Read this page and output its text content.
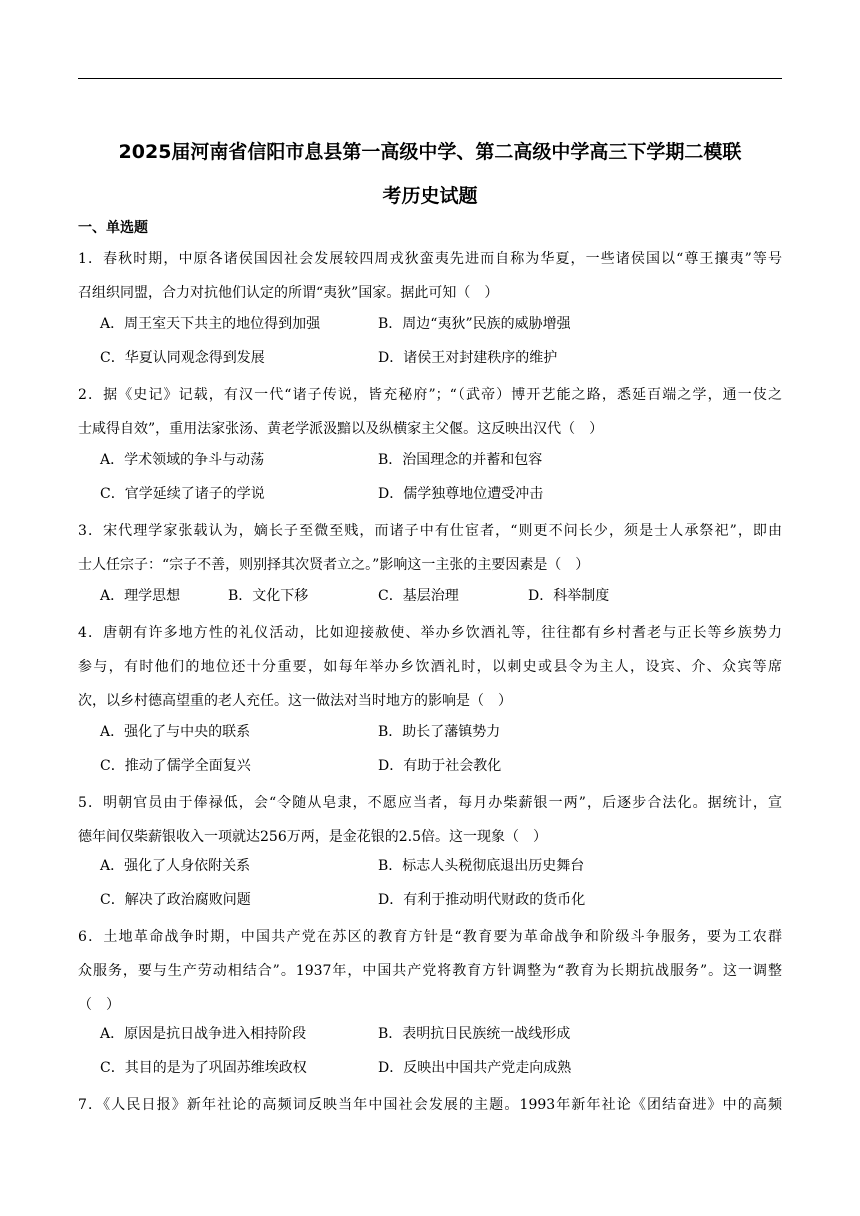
2025届河南省信阳市息县第一高级中学、第二高级中学高三下学期二模联
考历史试题
一、单选题
1．春秋时期，中原各诸侯国因社会发展较四周戎狄蛮夷先进而自称为华夏，一些诸侯国以“尊王攘夷”等号
召组织同盟，合力对抗他们认定的所谓“夷狄”国家。据此可知（　）
A．周王室天下共主的地位得到加强	B．周边“夷狄”民族的威胁增强
C．华夏认同观念得到发展	D．诸侯王对封建秩序的维护
2．据《史记》记载，有汉一代“诸子传说，皆充秘府”；“（武帝）博开艺能之路，悉延百端之学，通一伎之
士咸得自效”，重用法家张汤、黄老学派汲黯以及纵横家主父偃。这反映出汉代（　）
A．学术领域的争斗与动荡	B．治国理念的并蓄和包容
C．官学延续了诸子的学说	D．儒学独尊地位遭受冲击
3．宋代理学家张载认为，嫡长子至微至贱，而诸子中有仕宦者，“则更不问长少，须是士人承祭祀”，即由
士人任宗子：“宗子不善，则别择其次贤者立之。”影响这一主张的主要因素是（　）
A．理学思想	B．文化下移	C．基层治理	D．科举制度
4．唐朝有许多地方性的礼仪活动，比如迎接赦使、举办乡饮酒礼等，往往都有乡村耆老与正长等乡族势力
参与，有时他们的地位还十分重要，如每年举办乡饮酒礼时，以刺史或县令为主人，设宾、介、众宾等席
次，以乡村德高望重的老人充任。这一做法对当时地方的影响是（　）
A．强化了与中央的联系	B．助长了藩镇势力
C．推动了儒学全面复兴	D．有助于社会教化
5．明朝官员由于俸禄低，会“令随从皂隶，不愿应当者，每月办柴薪银一两”，后逐步合法化。据统计，宣
德年间仅柴薪银收入一项就达256万两，是金花银的2.5倍。这一现象（　）
A．强化了人身依附关系	B．标志人头税彻底退出历史舞台
C．解决了政治腐败问题	D．有利于推动明代财政的货币化
6．土地革命战争时期，中国共产党在苏区的教育方针是“教育要为革命战争和阶级斗争服务，要为工农群
众服务，要与生产劳动相结合”。1937年，中国共产党将教育方针调整为“教育为长期抗战服务”。这一调整
（　）
A．原因是抗日战争进入相持阶段	B．表明抗日民族统一战线形成
C．其目的是为了巩固苏维埃政权	D．反映出中国共产党走向成熟
7．《人民日报》新年社论的高频词反映当年中国社会发展的主题。1993年新年社论《团结奋进》中的高频
